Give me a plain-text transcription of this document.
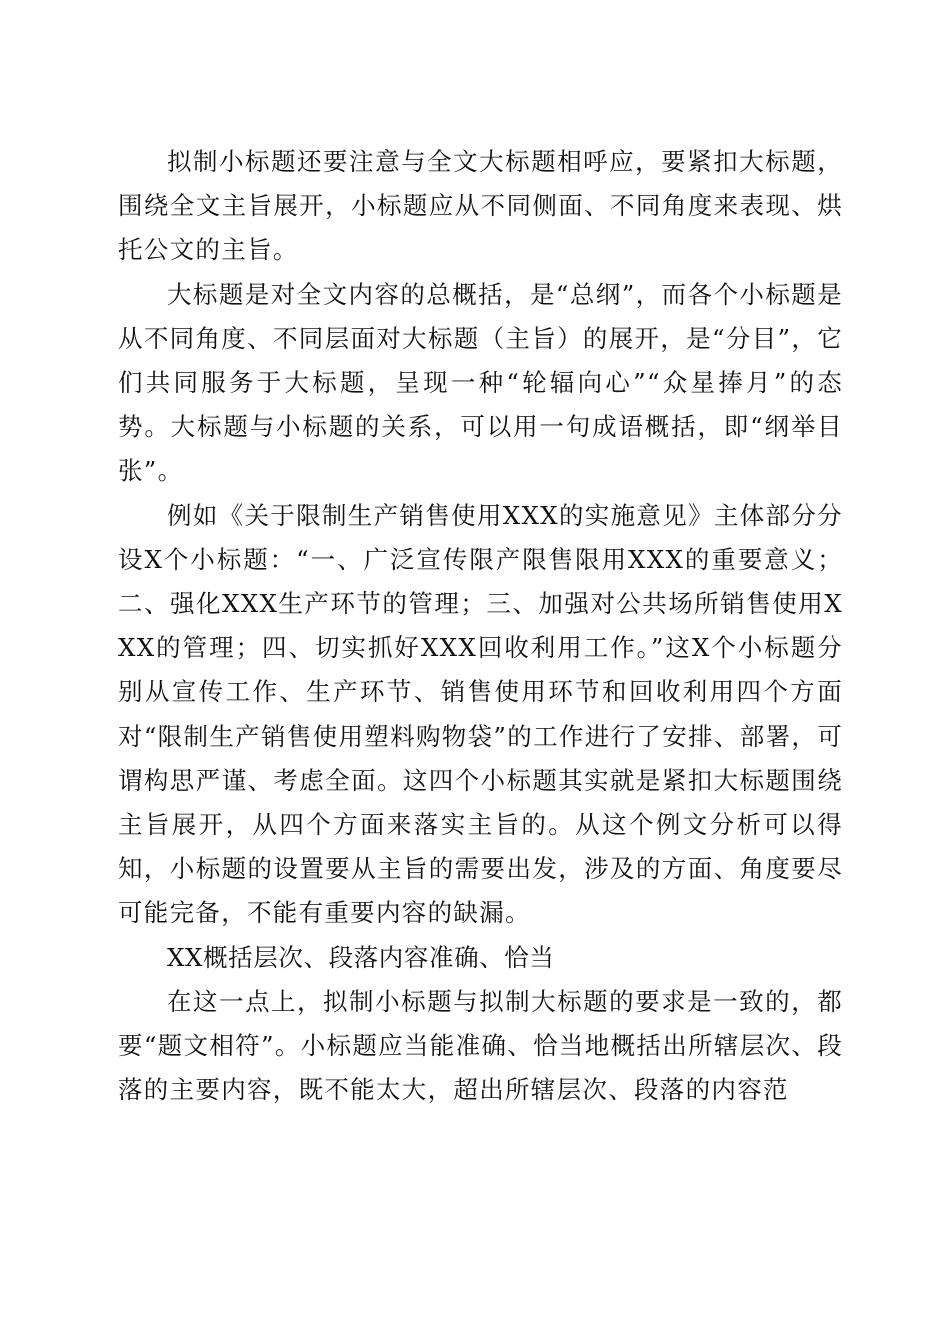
拟制小标题还要注意与全文大标题相呼应，要紧扣大标题，围绕全文主旨展开，小标题应从不同侧面、不同角度来表现、烘托公文的主旨。

大标题是对全文内容的总概括，是“总纲”，而各个小标题是从不同角度、不同层面对大标题（主旨）的展开，是“分目”，它们共同服务于大标题，呈现一种“轮辐向心”“众星捧月”的态势。大标题与小标题的关系，可以用一句成语概括，即“纲举目张”。

例如《关于限制生产销售使用XXX的实施意见》主体部分分设X个小标题：“一、广泛宣传限产限售限用XXX的重要意义；二、强化XXX生产环节的管理；三、加强对公共场所销售使用XXX的管理；四、切实抓好XXX回收利用工作。”这X个小标题分别从宣传工作、生产环节、销售使用环节和回收利用四个方面对“限制生产销售使用塑料购物袋”的工作进行了安排、部署，可谓构思严谨、考虑全面。这四个小标题其实就是紧扣大标题围绕主旨展开，从四个方面来落实主旨的。从这个例文分析可以得知，小标题的设置要从主旨的需要出发，涉及的方面、角度要尽可能完备，不能有重要内容的缺漏。

XX概括层次、段落内容准确、恰当

在这一点上，拟制小标题与拟制大标题的要求是一致的，都要“题文相符”。小标题应当能准确、恰当地概括出所辖层次、段落的主要内容，既不能太大，超出所辖层次、段落的内容范
